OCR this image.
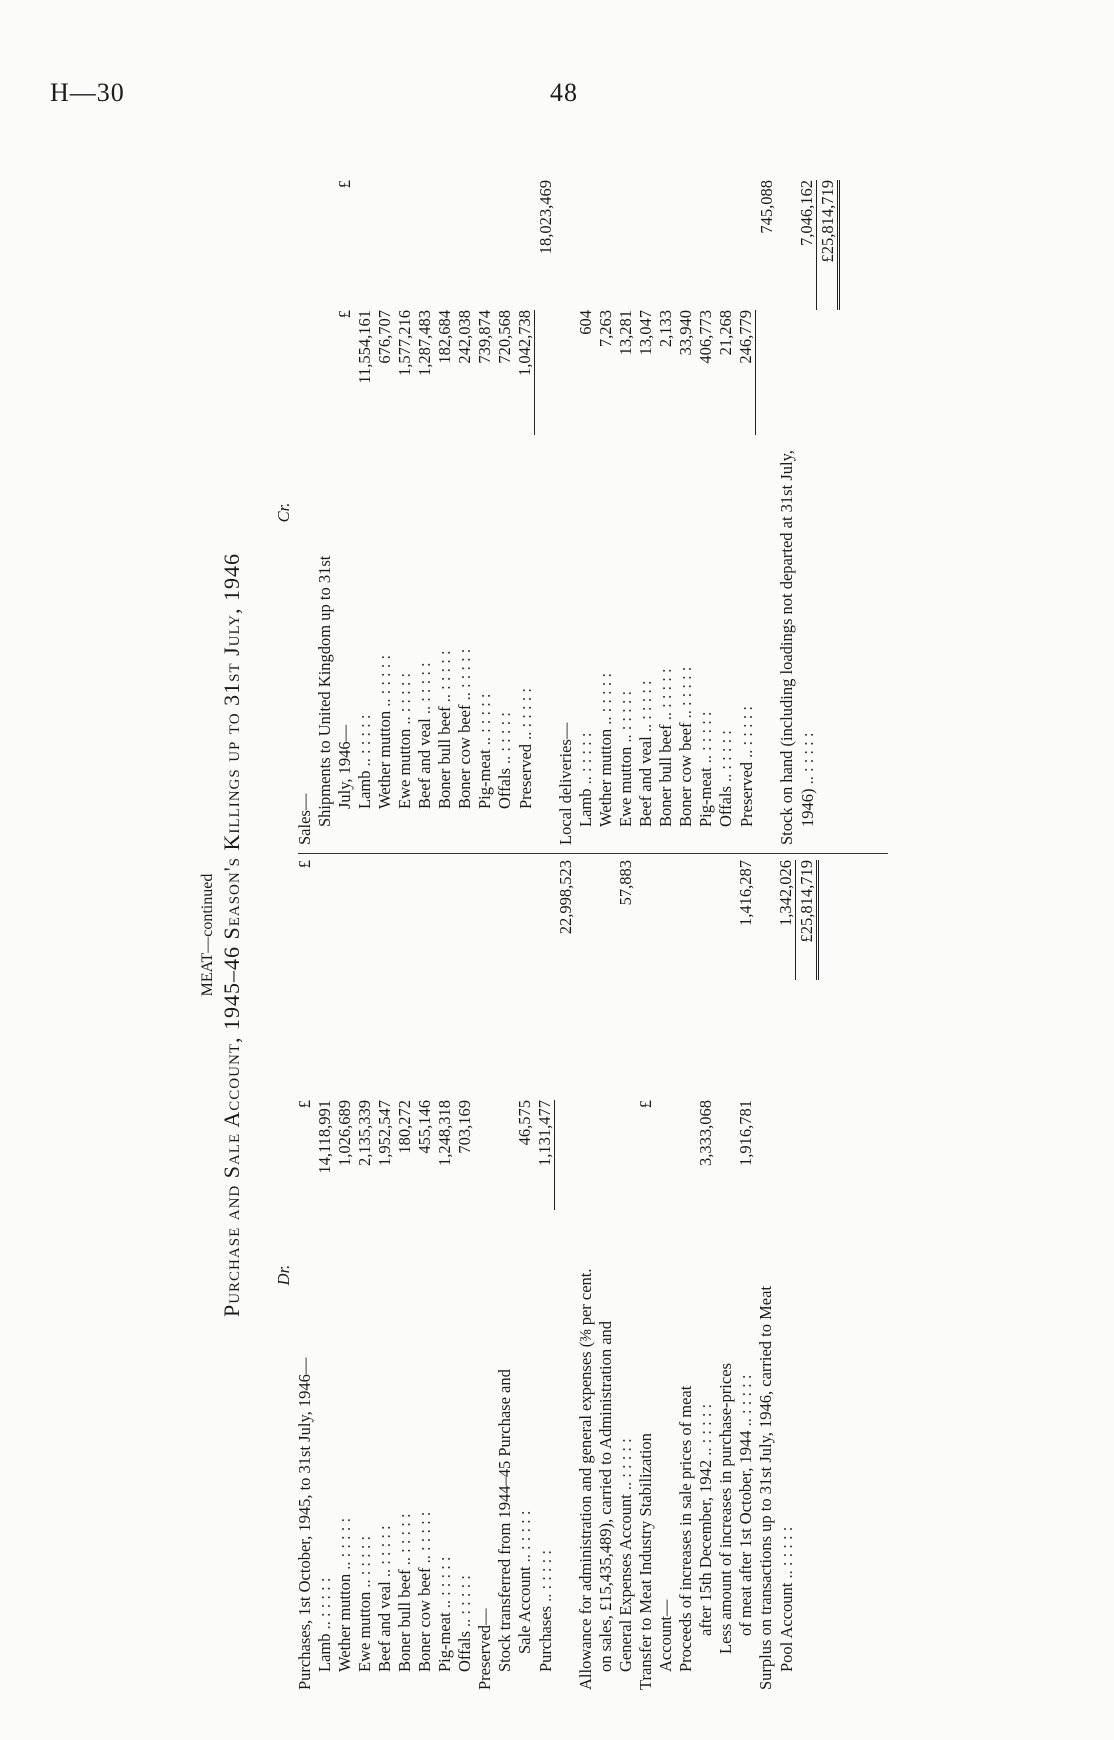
H—30	48
MEAT—continued Purchase and Sale Account, 1945–46 Season's Killings up to 31st July, 1946 Dr.
Purchases, 1st October, 1945, to 31st July, 1946—	£		£
Lamb .. : : : : :	14,118,991		
Wether mutton .. : : : : :	1,026,689		
Ewe mutton .. : : : : :	2,135,339		
Beef and veal .. : : : : :	1,952,547		
Boner bull beef .. : : : : :	180,272		
Boner cow beef .. : : : : :	455,146		
Pig-meat .. : : : : :	1,248,318		
Offals .. : : : : :	703,169		
Preserved—			
Stock transferred from 1944–45 Purchase and			
Sale Account .. : : : : :	46,575		
Purchases .. : : : : :	1,131,477		
			22,998,523
Allowance for administration and general expenses (⅜ per cent.			
on sales, £15,435,489), carried to Administration and			
General Expenses Account .. : : : : :			57,883
Transfer to Meat Industry Stabilization	£		
Account—			
Proceeds of increases in sale prices of meat			
after 15th December, 1942 .. : : : : :	3,333,068		
Less amount of increases in purchase-prices			
of meat after 1st October, 1944 .. : : : : :	1,916,781		1,416,287
Surplus on transactions up to 31st July, 1946, carried to Meat			
Pool Account .. : : : : :			1,342,026
			£25,814,719
Cr.
Sales—		
Shipments to United Kingdom up to 31st		
July, 1946—	£	£
Lamb .. : : : : :	11,554,161	
Wether mutton .. : : : : :	676,707	
Ewe mutton .. : : : : :	1,577,216	
Beef and veal .. : : : : :	1,287,483	
Boner bull beef .. : : : : :	182,684	
Boner cow beef .. : : : : :	242,038	
Pig-meat .. : : : : :	739,874	
Offals .. : : : : :	720,568	
Preserved .. : : : : :	1,042,738	
		18,023,469
Local deliveries—		
Lamb .. : : : : :	604	
Wether mutton .. : : : : :	7,263	
Ewe mutton .. : : : : :	13,281	
Beef and veal .. : : : : :	13,047	
Boner bull beef .. : : : : :	2,133	
Boner cow beef .. : : : : :	33,940	
Pig-meat .. : : : : :	406,773	
Offals .. : : : : :	21,268	
Preserved .. : : : : :	246,779	
		745,088
Stock on hand (including loadings not departed at 31st July,		
1946) .. : : : : :		7,046,162
		£25,814,719
